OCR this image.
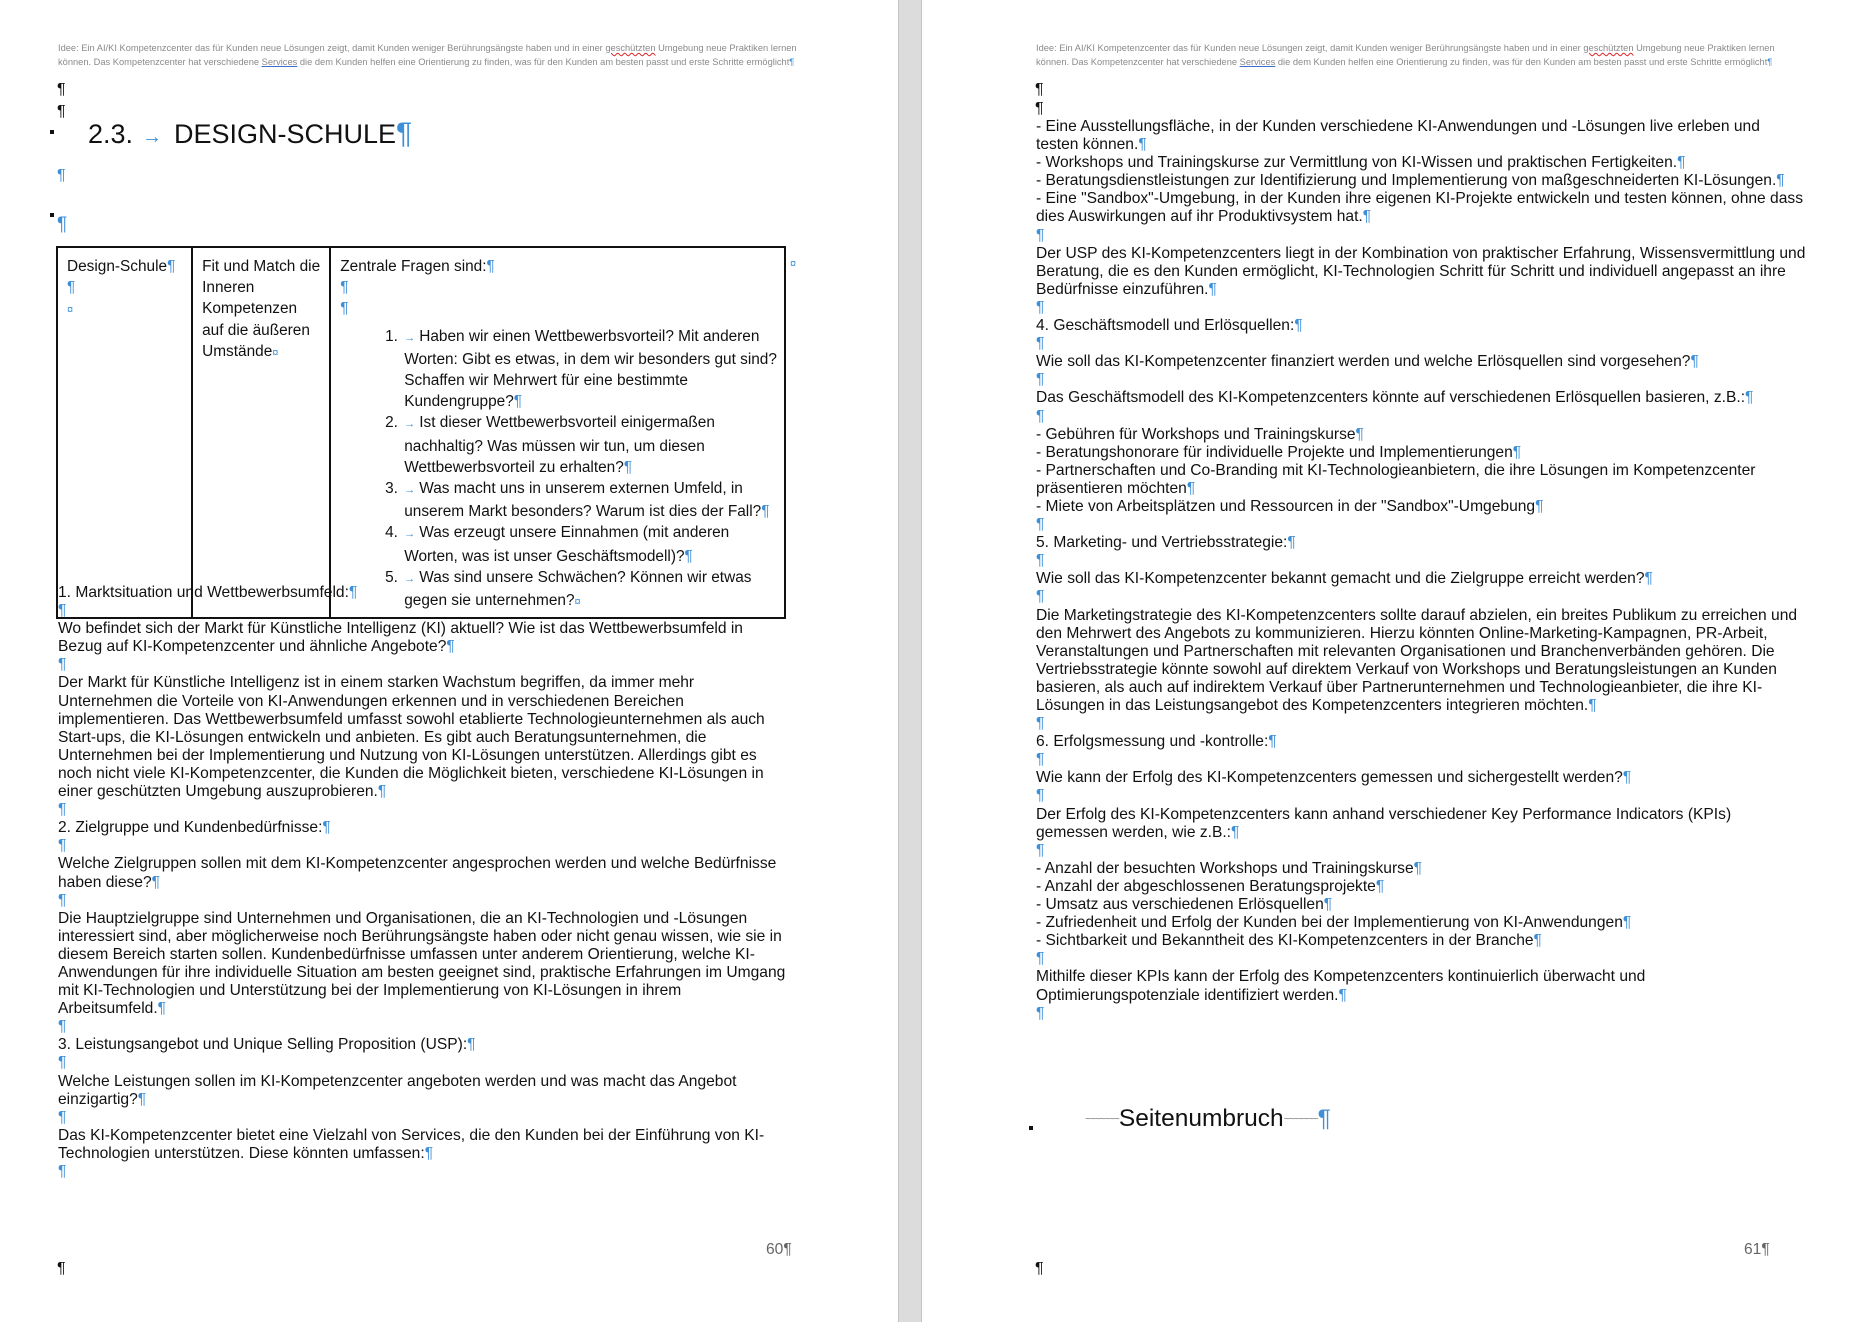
Idee: Ein AI/KI Kompetenzcenter das für Kunden neue Lösungen zeigt, damit Kunden weniger Berührungsängste haben und in einer geschützten Umgebung neue Praktiken lernen können. Das Kompetenzcenter hat verschiedene Services die dem Kunden helfen eine Orientierung zu finden, was für den Kunden am besten passt und erste Schritte ermöglicht¶
¶
¶
2.3. → DESIGN-SCHULE¶
¶
¶
Design-Schule¶
¶
¤	Fit und Match die Inneren Kompetenzen auf die äußeren Umstände¤	Zentrale Fragen sind:¶
¶
¶
1. → Haben wir einen Wettbewerbsvorteil? Mit anderen Worten: Gibt es etwas, in dem wir besonders gut sind? Schaffen wir Mehrwert für eine bestimmte Kundengruppe?¶
2. → Ist dieser Wettbewerbsvorteil einigermaßen nachhaltig? Was müssen wir tun, um diesen Wettbewerbsvorteil zu erhalten?¶
3. → Was macht uns in unserem externen Umfeld, in unserem Markt besonders? Warum ist dies der Fall?¶
4. → Was erzeugt unsere Einnahmen (mit anderen Worten, was ist unser Geschäftsmodell)?¶
5. → Was sind unsere Schwächen? Können wir etwas gegen sie unternehmen?¤
¤

1. Marktsituation und Wettbewerbsumfeld:¶

¶

Wo befindet sich der Markt für Künstliche Intelligenz (KI) aktuell? Wie ist das Wettbewerbsumfeld in Bezug auf KI-Kompetenzcenter und ähnliche Angebote?¶

¶

Der Markt für Künstliche Intelligenz ist in einem starken Wachstum begriffen, da immer mehr Unternehmen die Vorteile von KI-Anwendungen erkennen und in verschiedenen Bereichen implementieren. Das Wettbewerbsumfeld umfasst sowohl etablierte Technologieunternehmen als auch Start-ups, die KI-Lösungen entwickeln und anbieten. Es gibt auch Beratungsunternehmen, die Unternehmen bei der Implementierung und Nutzung von KI-Lösungen unterstützen. Allerdings gibt es noch nicht viele KI-Kompetenzcenter, die Kunden die Möglichkeit bieten, verschiedene KI-Lösungen in einer geschützten Umgebung auszuprobieren.¶

¶

2. Zielgruppe und Kundenbedürfnisse:¶

¶

Welche Zielgruppen sollen mit dem KI-Kompetenzcenter angesprochen werden und welche Bedürfnisse haben diese?¶

¶

Die Hauptzielgruppe sind Unternehmen und Organisationen, die an KI-Technologien und -Lösungen interessiert sind, aber möglicherweise noch Berührungsängste haben oder nicht genau wissen, wie sie in diesem Bereich starten sollen. Kundenbedürfnisse umfassen unter anderem Orientierung, welche KI-Anwendungen für ihre individuelle Situation am besten geeignet sind, praktische Erfahrungen im Umgang mit KI-Technologien und Unterstützung bei der Implementierung von KI-Lösungen in ihrem Arbeitsumfeld.¶

¶

3. Leistungsangebot und Unique Selling Proposition (USP):¶

¶

Welche Leistungen sollen im KI-Kompetenzcenter angeboten werden und was macht das Angebot einzigartig?¶

¶

Das KI-Kompetenzcenter bietet eine Vielzahl von Services, die den Kunden bei der Einführung von KI-Technologien unterstützen. Diese könnten umfassen:¶

¶

60¶
¶
Idee: Ein AI/KI Kompetenzcenter das für Kunden neue Lösungen zeigt, damit Kunden weniger Berührungsängste haben und in einer geschützten Umgebung neue Praktiken lernen können. Das Kompetenzcenter hat verschiedene Services die dem Kunden helfen eine Orientierung zu finden, was für den Kunden am besten passt und erste Schritte ermöglicht¶
¶
¶

- Eine Ausstellungsfläche, in der Kunden verschiedene KI-Anwendungen und -Lösungen live erleben und testen können.¶

- Workshops und Trainingskurse zur Vermittlung von KI-Wissen und praktischen Fertigkeiten.¶

- Beratungsdienstleistungen zur Identifizierung und Implementierung von maßgeschneiderten KI-Lösungen.¶

- Eine "Sandbox"-Umgebung, in der Kunden ihre eigenen KI-Projekte entwickeln und testen können, ohne dass dies Auswirkungen auf ihr Produktivsystem hat.¶

¶

Der USP des KI-Kompetenzcenters liegt in der Kombination von praktischer Erfahrung, Wissensvermittlung und Beratung, die es den Kunden ermöglicht, KI-Technologien Schritt für Schritt und individuell angepasst an ihre Bedürfnisse einzuführen.¶

¶

4. Geschäftsmodell und Erlösquellen:¶

¶

Wie soll das KI-Kompetenzcenter finanziert werden und welche Erlösquellen sind vorgesehen?¶

¶

Das Geschäftsmodell des KI-Kompetenzcenters könnte auf verschiedenen Erlösquellen basieren, z.B.:¶

¶

- Gebühren für Workshops und Trainingskurse¶

- Beratungshonorare für individuelle Projekte und Implementierungen¶

- Partnerschaften und Co-Branding mit KI-Technologieanbietern, die ihre Lösungen im Kompetenzcenter präsentieren möchten¶

- Miete von Arbeitsplätzen und Ressourcen in der "Sandbox"-Umgebung¶

¶

5. Marketing- und Vertriebsstrategie:¶

¶

Wie soll das KI-Kompetenzcenter bekannt gemacht und die Zielgruppe erreicht werden?¶

¶

Die Marketingstrategie des KI-Kompetenzcenters sollte darauf abzielen, ein breites Publikum zu erreichen und den Mehrwert des Angebots zu kommunizieren. Hierzu könnten Online-Marketing-Kampagnen, PR-Arbeit, Veranstaltungen und Partnerschaften mit relevanten Organisationen und Branchenverbänden gehören. Die Vertriebsstrategie könnte sowohl auf direktem Verkauf von Workshops und Beratungsleistungen an Kunden basieren, als auch auf indirektem Verkauf über Partnerunternehmen und Technologieanbieter, die ihre KI-Lösungen in das Leistungsangebot des Kompetenzcenters integrieren möchten.¶

¶

6. Erfolgsmessung und -kontrolle:¶

¶

Wie kann der Erfolg des KI-Kompetenzcenters gemessen und sichergestellt werden?¶

¶

Der Erfolg des KI-Kompetenzcenters kann anhand verschiedener Key Performance Indicators (KPIs) gemessen werden, wie z.B.:¶

¶

- Anzahl der besuchten Workshops und Trainingskurse¶

- Anzahl der abgeschlossenen Beratungsprojekte¶

- Umsatz aus verschiedenen Erlösquellen¶

- Zufriedenheit und Erfolg der Kunden bei der Implementierung von KI-Anwendungen¶

- Sichtbarkeit und Bekanntheit des KI-Kompetenzcenters in der Branche¶

¶

Mithilfe dieser KPIs kann der Erfolg des Kompetenzcenters kontinuierlich überwacht und Optimierungspotenziale identifiziert werden.¶

¶

~~~~~~~Seitenumbruch~~~~~~~¶
61¶
¶
